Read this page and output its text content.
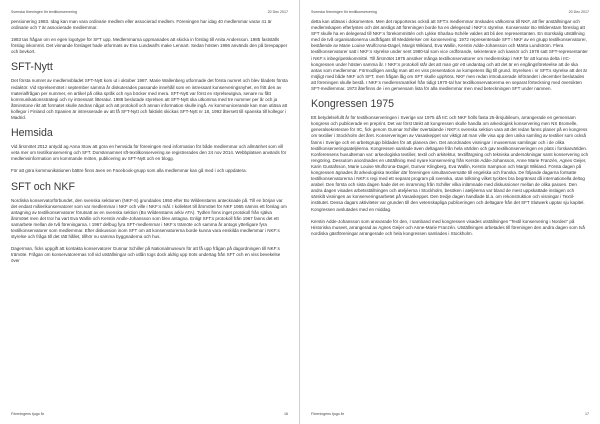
Svenska föreningen för textilkonservering	20 Dec 2017

pensionering 1983. Idag kan man vara ordinarie medlem eller associerad medlem. Föreningen har idag 40 medlemmar varav 41 är ordinarie och 7 är associerade medlemmar.

1983 tas frågan om en egen logotype för SFT upp. Medlemmarna uppmanades att skicka in förslag till Anita Andersson. 1985 fastställs förslag inkommit. Det vinnande förslaget hade utformats av Eva Lundwall's make Lennart. Sedan hösten 1986 används den på brevpapper och bevkort.

SFT-Nytt

Det första numret av medlemsbladet SFT-Nytt kom ut i oktober 1987. Marie Wallenberg utformade det första numret och blev bladets första redaktör. Vid styrelsemötet i september samma år diskuterades passande innehåll som en intressant konserveringsnyhet, en fritt den av materialfrågan per nummer, en artikel på olika språk och nya böcker med mera. SFT-Nytt var först en styrelseutgiva, senare nu fått kommunikationsstrategi och ny intressant litteratur. 1988 beslutade styrelsen att SFT-Nytt ska utkomma med tre nummer per år och ja åtminstone rikt att formatet skulle ändras något och att protokoll och annan information skulle ingå. Av kommunicerande kan man utläsa att kollegor i Finland och Spanien är intresserade av att få SFT-Nytt och faktiskt skickas SFT-Nytt nr 18, 1992 återsett till spanska till kollegor i Madrid.

Hemsida

Vid årsmötet 2012 antydd ag Anna Stow att göra en hemsida för föreningen med information för både medlemmar och allmänhet som vill veta mer om textilkonservering och SFT. Domännamnet sft-textilkonservering.se registrerades den 24 nov 2014. Webbplatsen används för medlemsinformation om kommande möten, publicering av SFT-Nytt och en blogg.

För att göra kommunikationen bättre finns även en Facebook-grupp som alla medlemmar kan gå med i och uppdatera.

SFT och NKF

Nordiska konservatorförbundet, den svenska sektionen (NKF-S) grundades 1950 efter Bo Wildenstams antecknade på. Till en början var det endast målerikonservatorer som var medlemmar i NKF och ville i NKF:s mål. I kollektet till årsmötet för NKF 1965 nämns ett förslag om antagning av textilkonservatorer förutsatt av en svenska sektion (Bo Wildenstams arkiv ATA). Tydlen finns inget protokoll från själva årsmötet men det tror ha vart Eva Wallin och Kerstin Andle-Johansson som blev antagna. Enligt SFT:s protokoll från 1967 fanns det ett samarbete mellan de två föreningarna. I 1967 delbug fyra SFT-medlemmar i NKF:s trämöte och samma år antogs ytterligare fyra textilkonservatorer som medlemmar. Efter diskussion inom SFT om att konservatorerna borde kunna vara enskilda medlemmar i NKF:s styrelse och fråga till det rätt hållet, tillhör nu samma byggnaderna och hus.

Dagerman, ficks uppgift att kontakta konservatorer Gunnar Schiller på Nationalmuseum för att få upp frågan på dagordningen till NKF:s trämöte. Frågan om konservatorernas roll vid utställningar och utlån togs dock aldrig upp trots undertag från SFT och en viss bevekelse över

Föreningens tjugo år	16
Svenska föreningen för textilkonservering	20 Dec 2017

detta kan utläsas i dokumenten. Men det rapporteras också att SFT:s medlemmar önskades välkomna till NKF, att fler anställningar och medlemskapen efterlystes och det ansågs att föreningen borde ha en delegerad i NKF:s styrelse. Konservator Bo Wildenstam föreslog att SFT skulle ha en delegerad till NKF:s förekommittén och Lykke Sharlau-Schéle valdes att bli den representanten. En storskalig utställning med de två organisationerna undfrågats till Meddelelser om konservering. 1972 representerade SFT i NKF av en grupp textilkonservatorer, bestående av Marie Louise Wulfcrona-Dagel, Margit Wikland, Eva Wallin, Kerstin Adde-Johansson och Märta Lundström. Flera textilkonservatorer satt i NKF:s styrelse under sent 1980-tal som vice ordförande, sekreterare och kassör och 1978 satt SFT-representanter i NKF:s inbegripetskommitté. Till årsmötet 1975 ansöker många textilkonservatorer om medlemskap i NKF för att kunna delta i IIC-kongressen under hösten samma år. I NKF:s protokoll står det att man gör ett undantag och att det är en engångsföreteelse att de ska antas som medlemmar. Förmodligen ansåg man att en viss presentation av kompetens låg till grund. Styrelsen i nr SFT:s styrelse att det är möjligt med både NKF och SFT, men frågan låg om SFT skulle upphöra. NKF men redan introducerade införandet i december beslutades att föreningen skulle bestå. I NKF:s medlemsmatrikel från tidigt 1970-tal har textilkonservatorerna en separat förteckning med översikten SFT-medlemmar. 1973 återfinns de i en gemensam lista för alla medlemmar men med beteckningen SFT under namnen.

Kongressen 1975

Ett betydelsefullt år för textilkonserveringen i Sverige var 1975 då IIC och NKF hölls fasta 25-årsjubileum, arrangerade en gemensam kongress och publicerade en preprint. Det var först tänkt att kongressen skulle handla om arkeologisk konservering men NS Bromelle, generalsekreterare för IIC, fick genom Gunnar Schiller övertalande i NKF:s svenska sektion vara att det redan fanns planer på en kongress om textilier i Stockholm det året. Konserveringen av Vasaskeppet var viktigt att man ville visa upp den unika samling av textilier som också fanns i Sverige och en arbetsgrupp bildades för att planera den. Det anordnades visningar i museernas samlingar och i de olika textilkonserveringsateljéerna. Kongressen samlade även deltagare från hela världen och gav textilkonserveringen en plats i forskarvärlden. Konferensens huvudteman var: arkeologiska textilier, textil och arkitektur, textilfärgning och tekniska undersökningar samt konservering och rengöring. Dessutom anordnades en utställning med nyare konservering från Kerstin Adde-Johansson, Anne Marie Franzén, Agnes Geijer, Karin Gustafsson, Marie Louise Wulfcrona-Dagel, Gunvor Klingberg, Eva Wallin, Kerstin Sampson och Margit Wikland. Första dagen på kongressen ägnades åt arkeologiska textilier där föreningen simultanöversatte till engelska och franska. De följande dagarna fortsatte textilkonservatorerna i NKF:s regi med ett separat program på svenska, utan tolkning vilket tycktes bra begränsat då internationella deltog arabel. Den första och sista dagen hade det en inramning från Schiller vilka inlämnade med diskussioner mellan de olika passen. Den andra dagen visades arbetsställningen och ateljéerna i Stockholm, besöken i ateljéerna var bland de mest uppskattade inslagen och särskilt visningen av konserveringsarbetet på Vasaskeppet. Den tredje dagen handlade bl.a. om rekonstruktion och visningar i Textil-institutet. Dessa dagars aktiviteter var grunden till den vetenskapliga publiceringen och deltagare från det SFT Slutwerk upptar sju kapitel. Kongressen avslutades med en middag.

Kerstin Adde-Johansson som ansvarade för den, I samband med kongressen visades utställningen "Textil konservering i Norden" på Historiska museet, arrangerad av Agnes Geijer och Anne-Marie Franzén. Utställningen arbetades till föreningen den andra dagen som två nordiska gästföreningar arrangerade och hela kongressen samlades i Stockholm.

Föreningens tjugo år	17
